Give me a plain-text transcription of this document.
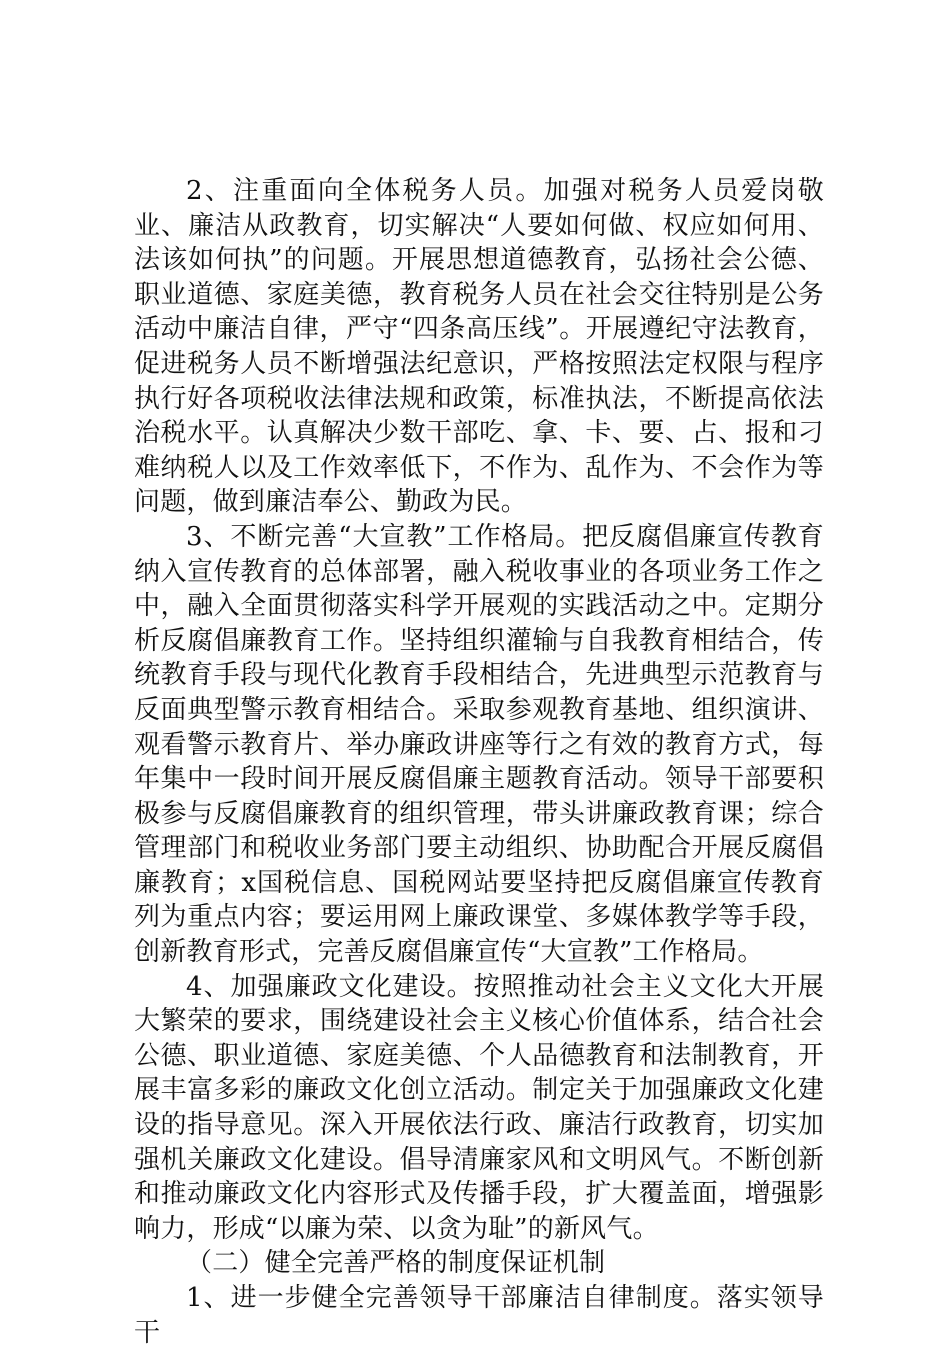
2、注重面向全体税务人员。加强对税务人员爱岗敬业、廉洁从政教育，切实解决“人要如何做、权应如何用、法该如何执”的问题。开展思想道德教育，弘扬社会公德、职业道德、家庭美德，教育税务人员在社会交往特别是公务活动中廉洁自律，严守“四条高压线”。开展遵纪守法教育，促进税务人员不断增强法纪意识，严格按照法定权限与程序执行好各项税收法律法规和政策，标准执法，不断提高依法治税水平。认真解决少数干部吃、拿、卡、要、占、报和刁难纳税人以及工作效率低下，不作为、乱作为、不会作为等问题，做到廉洁奉公、勤政为民。

3、不断完善“大宣教”工作格局。把反腐倡廉宣传教育纳入宣传教育的总体部署，融入税收事业的各项业务工作之中，融入全面贯彻落实科学开展观的实践活动之中。定期分析反腐倡廉教育工作。坚持组织灌输与自我教育相结合，传统教育手段与现代化教育手段相结合，先进典型示范教育与反面典型警示教育相结合。采取参观教育基地、组织演讲、观看警示教育片、举办廉政讲座等行之有效的教育方式，每年集中一段时间开展反腐倡廉主题教育活动。领导干部要积极参与反腐倡廉教育的组织管理，带头讲廉政教育课；综合管理部门和税收业务部门要主动组织、协助配合开展反腐倡廉教育；x国税信息、国税网站要坚持把反腐倡廉宣传教育列为重点内容；要运用网上廉政课堂、多媒体教学等手段，创新教育形式，完善反腐倡廉宣传“大宣教”工作格局。

4、加强廉政文化建设。按照推动社会主义文化大开展大繁荣的要求，围绕建设社会主义核心价值体系，结合社会公德、职业道德、家庭美德、个人品德教育和法制教育，开展丰富多彩的廉政文化创立活动。制定关于加强廉政文化建设的指导意见。深入开展依法行政、廉洁行政教育，切实加强机关廉政文化建设。倡导清廉家风和文明风气。不断创新和推动廉政文化内容形式及传播手段，扩大覆盖面，增强影响力，形成“以廉为荣、以贪为耻”的新风气。

（二）健全完善严格的制度保证机制

1、进一步健全完善领导干部廉洁自律制度。落实领导干
